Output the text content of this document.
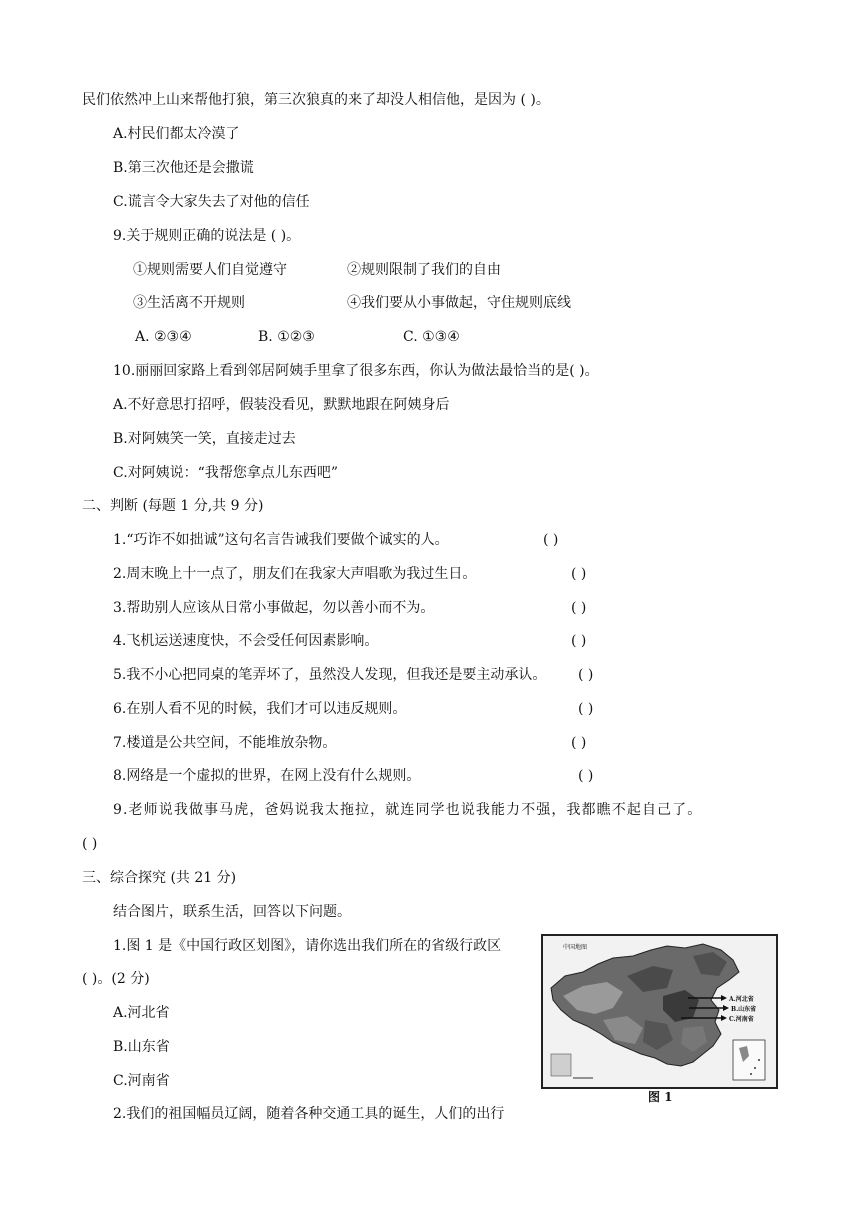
民们依然冲上山来帮他打狼，第三次狼真的来了却没人相信他，是因为 ( )。
A.村民们都太冷漠了
B.第三次他还是会撒谎
C.谎言令大家失去了对他的信任
9.关于规则正确的说法是 ( )。
①规则需要人们自觉遵守	②规则限制了我们的自由
③生活离不开规则	④我们要从小事做起，守住规则底线
A. ②③④	B. ①②③	C. ①③④
10.丽丽回家路上看到邻居阿姨手里拿了很多东西，你认为做法最恰当的是( )。
A.不好意思打招呼，假装没看见，默默地跟在阿姨身后
B.对阿姨笑一笑，直接走过去
C.对阿姨说：“我帮您拿点儿东西吧”
二、判断 (每题 1 分,共 9 分)
1.“巧诈不如拙诚”这句名言告诫我们要做个诚实的人。	( )
2.周末晚上十一点了，朋友们在我家大声唱歌为我过生日。	( )
3.帮助别人应该从日常小事做起，勿以善小而不为。	( )
4.飞机运送速度快，不会受任何因素影响。	( )
5.我不小心把同桌的笔弄坏了，虽然没人发现，但我还是要主动承认。 ( )
6.在别人看不见的时候，我们才可以违反规则。	( )
7.楼道是公共空间，不能堆放杂物。	( )
8.网络是一个虚拟的世界，在网上没有什么规则。	( )
9.老师说我做事马虎，爸妈说我太拖拉，就连同学也说我能力不强，我都瞧不起自己了。
( )
三、综合探究 (共 21 分)
结合图片，联系生活，回答以下问题。
1.图 1 是《中国行政区划图》，请你选出我们所在的省级行政区
( )。(2 分)
A.河北省
B.山东省
C.河南省
2.我们的祖国幅员辽阔，随着各种交通工具的诞生，人们的出行
中国地图
A.河北省
B.山东省
C.河南省
图 1
